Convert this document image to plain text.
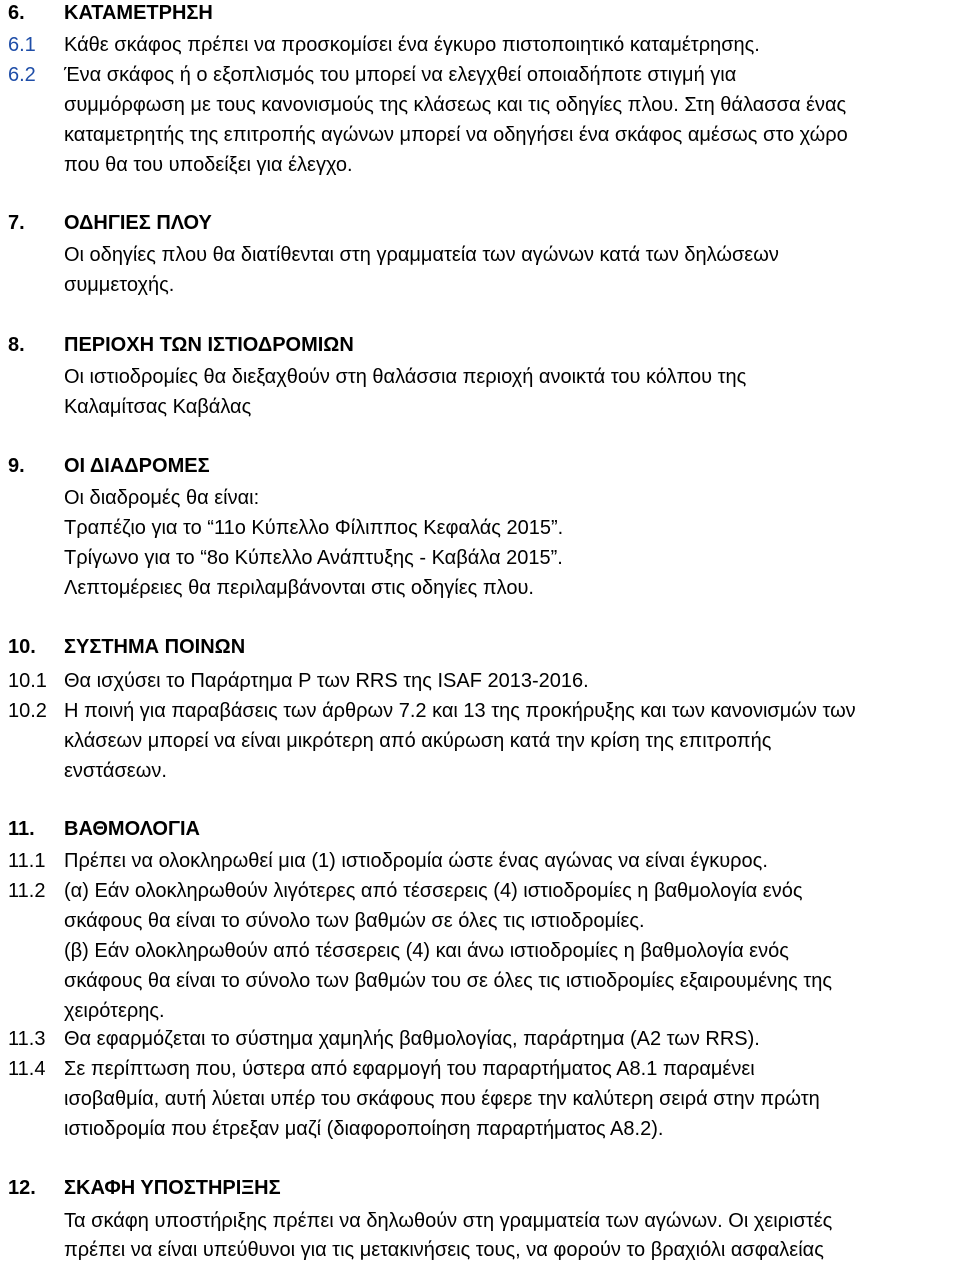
6. ΚΑΤΑΜΕΤΡΗΣΗ
6.1 Κάθε σκάφος πρέπει να προσκομίσει ένα έγκυρο πιστοποιητικό καταμέτρησης.
6.2 Ένα σκάφος ή ο εξοπλισμός του μπορεί να ελεγχθεί οποιαδήποτε στιγμή για
συμμόρφωση με τους κανονισμούς της κλάσεως και τις οδηγίες πλου. Στη θάλασσα ένας
καταμετρητής της επιτροπής αγώνων μπορεί να οδηγήσει ένα σκάφος αμέσως στο χώρο
που θα του υποδείξει για έλεγχο.
7. ΟΔΗΓΙΕΣ ΠΛΟΥ
Οι οδηγίες πλου θα διατίθενται στη γραμματεία των αγώνων κατά των δηλώσεων
συμμετοχής.
8. ΠΕΡΙΟΧΗ ΤΩΝ ΙΣΤΙΟΔΡΟΜΙΩΝ
Οι ιστιοδρομίες θα διεξαχθούν στη θαλάσσια περιοχή ανοικτά του κόλπου της
Καλαμίτσας Καβάλας
9. ΟΙ ΔΙΑΔΡΟΜΕΣ
Οι διαδρομές θα είναι:
Τραπέζιο για το “11ο Κύπελλο Φίλιππος Κεφαλάς 2015”.
Τρίγωνο για το “8ο Κύπελλο Ανάπτυξης - Καβάλα 2015”.
Λεπτομέρειες θα περιλαμβάνονται στις οδηγίες πλου.
10. ΣΥΣΤΗΜΑ ΠΟΙΝΩΝ
10.1 Θα ισχύσει το Παράρτημα P των RRS της ISAF 2013-2016.
10.2 Η ποινή για παραβάσεις των άρθρων 7.2 και 13 της προκήρυξης και των κανονισμών των
κλάσεων μπορεί να είναι μικρότερη από ακύρωση κατά την κρίση της επιτροπής
ενστάσεων.
11. ΒΑΘΜΟΛΟΓΙΑ
11.1 Πρέπει να ολοκληρωθεί μια (1) ιστιοδρομία ώστε ένας αγώνας να είναι έγκυρος.
11.2 (α) Εάν ολοκληρωθούν λιγότερες από τέσσερεις (4) ιστιοδρομίες η βαθμολογία ενός
σκάφους θα είναι το σύνολο των βαθμών σε όλες τις ιστιοδρομίες.
(β) Εάν ολοκληρωθούν από τέσσερεις (4) και άνω ιστιοδρομίες η βαθμολογία ενός
σκάφους θα είναι το σύνολο των βαθμών του σε όλες τις ιστιοδρομίες εξαιρουμένης της
χειρότερης.
11.3 Θα εφαρμόζεται το σύστημα χαμηλής βαθμολογίας, παράρτημα (Α2 των RRS).
11.4 Σε περίπτωση που, ύστερα από εφαρμογή του παραρτήματος Α8.1 παραμένει
ισοβαθμία, αυτή λύεται υπέρ του σκάφους που έφερε την καλύτερη σειρά στην πρώτη
ιστιοδρομία που έτρεξαν μαζί (διαφοροποίηση παραρτήματος Α8.2).
12. ΣΚΑΦΗ ΥΠΟΣΤΗΡΙΞΗΣ
Τα σκάφη υποστήριξης πρέπει να δηλωθούν στη γραμματεία των αγώνων. Οι χειριστές
πρέπει να είναι υπεύθυνοι για τις μετακινήσεις τους, να φορούν το βραχιόλι ασφαλείας
